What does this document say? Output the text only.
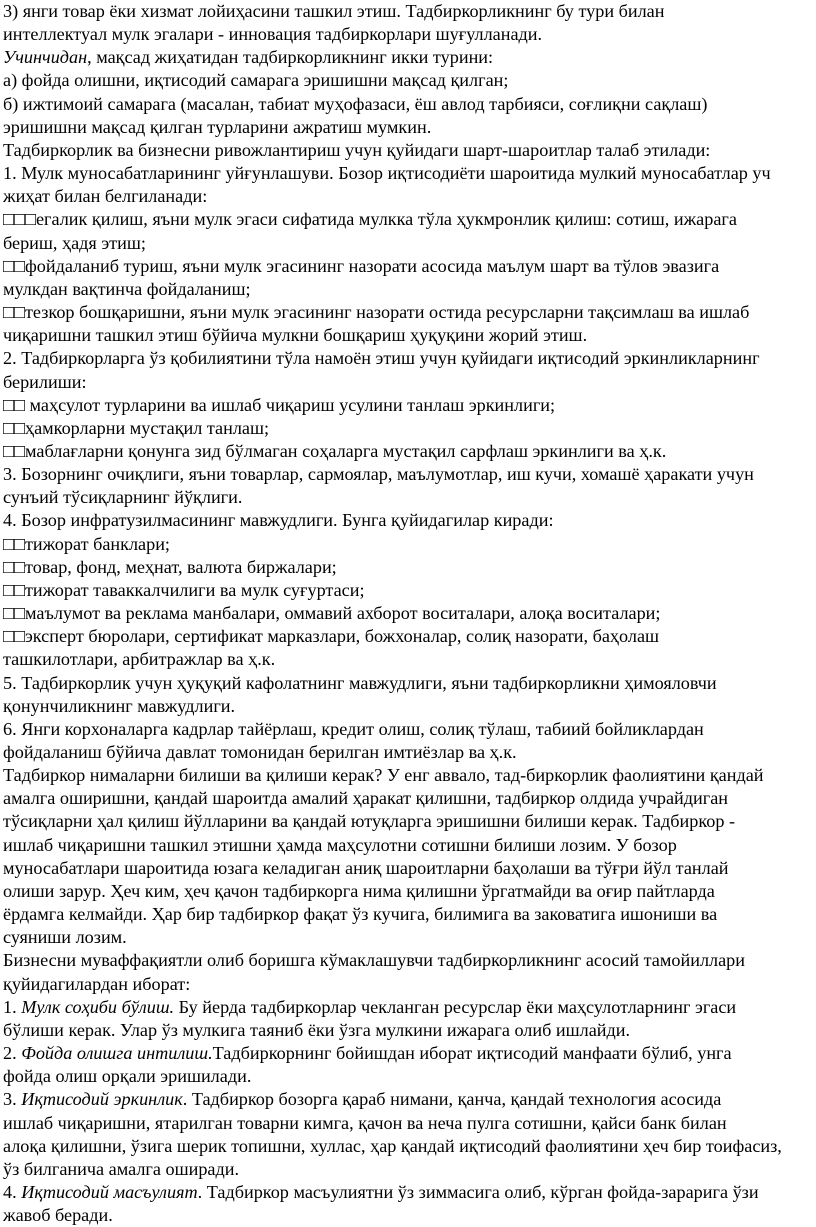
3) янги товар ёки хизмат лойиҳасини ташкил этиш. Тадбиркорликнинг бу тури билан
интеллектуал мулк эгалари - инновация тадбиркорлари шуғулланади.
Учинчидан, мақсад жиҳатидан тадбиркорликнинг икки турини:
а) фойда олишни, иқтисодий самарага эришишни мақсад қилган;
б) ижтимоий самарага (масалан, табиат муҳофазаси, ёш авлод тарбияси, соғлиқни сақлаш)
эришишни мақсад қилган турларини ажратиш мумкин.
Тадбиркорлик ва бизнесни ривожлантириш учун қуйидаги шарт-шароитлар талаб этилади:
1. Мулк муносабатларининг уйғунлашуви. Бозор иқтисодиёти шароитида мулкий муносабатлар уч
жиҳат билан белгиланади:
□□□eгалик қилиш, яъни мулк эгаси сифатида мулкка тўла ҳукмронлик қилиш: сотиш, ижарага
бериш, ҳадя этиш;
□□фойдаланиб туриш, яъни мулк эгасининг назорати асосида маълум шарт ва тўлов эвазига
мулкдан вақтинча фойдаланиш;
□□тезкор бошқаришни, яъни мулк эгасининг назорати остида ресурсларни тақсимлаш ва ишлаб
чиқаришни ташкил этиш бўйича мулкни бошқариш ҳуқуқини жорий этиш.
2. Тадбиркорларга ўз қобилиятини тўла намоён этиш учун қуйидаги иқтисодий эркинликларнинг
берилиши:
□□ маҳсулот турларини ва ишлаб чиқариш усулини танлаш эркинлиги;
□□ҳамкорларни мустақил танлаш;
□□маблағларни қонунга зид бўлмаган соҳаларга мустақил сарфлаш эркинлиги ва ҳ.к.
3. Бозорнинг очиқлиги, яъни товарлар, сармоялар, маълумотлар, иш кучи, хомашё ҳаракати учун
сунъий тўсиқларнинг йўқлиги.
4. Бозор инфратузилмасининг мавжудлиги. Бунга қуйидагилар киради:
□□тижорат банклари;
□□товар, фонд, меҳнат, валюта биржалари;
□□тижорат таваккалчилиги ва мулк суғуртаси;
□□маълумот ва реклама манбалари, оммавий ахборот воситалари, алоқа воситалари;
□□эксперт бюролари, сертификат марказлари, божхоналар, солиқ назорати, баҳолаш
ташкилотлари, арбитражлар ва ҳ.к.
5. Тадбиркорлик учун ҳуқуқий кафолатнинг мавжудлиги, яъни тадбиркорликни ҳимояловчи
қонунчиликнинг мавжудлиги.
6. Янги корхоналарга кадрлар тайёрлаш, кредит олиш, солиқ тўлаш, табиий бойликлардан
фойдаланиш бўйича давлат томонидан берилган имтиёзлар ва ҳ.к.
Тадбиркор нималарни билиши ва қилиши керак? У енг аввало, тад-биркорлик фаолиятини қандай
амалга оширишни, қандай шароитда амалий ҳаракат қилишни, тадбиркор олдида учрайдиган
тўсиқларни ҳал қилиш йўлларини ва қандай ютуқларга эришишни билиши керак. Тадбиркор -
ишлаб чиқаришни ташкил этишни ҳамда маҳсулотни сотишни билиши лозим. У бозор
муносабатлари шароитида юзага келадиган аниқ шароитларни баҳолаши ва тўғри йўл танлай
олиши зарур. Ҳеч ким, ҳеч қачон тадбиркорга нима қилишни ўргатмайди ва оғир пайтларда
ёрдамга келмайди. Ҳар бир тадбиркор фақат ўз кучига, билимига ва заковатига ишониши ва
суяниши лозим.
Бизнесни муваффақиятли олиб боришга кўмаклашувчи тадбиркорликнинг асосий тамойиллари
қуйидагилардан иборат:
1. Мулк соҳиби бўлиш. Бу йерда тадбиркорлар чекланган ресурслар ёки маҳсулотларнинг эгаси
бўлиши керак. Улар ўз мулкига таяниб ёки ўзга мулкини ижарага олиб ишлайди.
2. Фойда олишга интилиш.Тадбиркорнинг бойишдан иборат иқтисодий манфаати бўлиб, унга
фойда олиш орқали эришилади.
3. Иқтисодий эркинлик. Тадбиркор бозорга қараб нимани, қанча, қандай технология асосида
ишлаб чиқаришни, ятарилган товарни кимга, қачон ва неча пулга сотишни, қайси банк билан
алоқа қилишни, ўзига шерик топишни, хуллас, ҳар қандай иқтисодий фаолиятини ҳеч бир тоифасиз,
ўз билганича амалга оширади.
4. Иқтисодий масъулият. Тадбиркор масъулиятни ўз зиммасига олиб, кўрган фойда-зарарига ўзи
жавоб беради.
